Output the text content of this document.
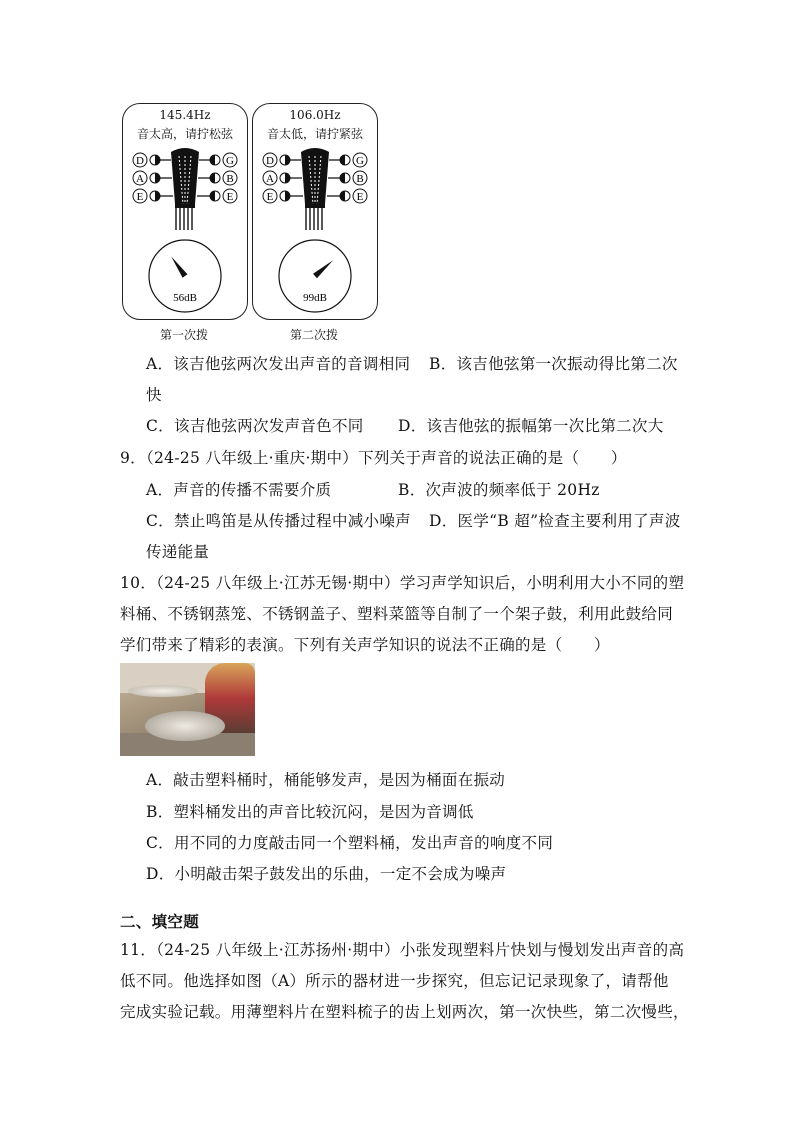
145.4Hz
音太高，请拧松弦
D
A
E
G
B
E
56dB
第一次拨
106.0Hz
音太低，请拧紧弦
D
A
E
G
B
E
99dB
第二次拨
A．该吉他弦两次发出声音的音调相同 B．该吉他弦第一次振动得比第二次
快
C．该吉他弦两次发声音色不同 D．该吉他弦的振幅第一次比第二次大
9．（24-25 八年级上·重庆·期中）下列关于声音的说法正确的是（　　）
A．声音的传播不需要介质	B．次声波的频率低于 20Hz
C．禁止鸣笛是从传播过程中减小噪声 D．医学“B 超”检查主要利用了声波
传递能量
10．（24-25 八年级上·江苏无锡·期中）学习声学知识后，小明利用大小不同的塑
料桶、不锈钢蒸笼、不锈钢盖子、塑料菜篮等自制了一个架子鼓，利用此鼓给同
学们带来了精彩的表演。下列有关声学知识的说法不正确的是（　　）
A．敲击塑料桶时，桶能够发声，是因为桶面在振动
B．塑料桶发出的声音比较沉闷，是因为音调低
C．用不同的力度敲击同一个塑料桶，发出声音的响度不同
D．小明敲击架子鼓发出的乐曲，一定不会成为噪声
二、填空题
11．（24-25 八年级上·江苏扬州·期中）小张发现塑料片快划与慢划发出声音的高
低不同。他选择如图（A）所示的器材进一步探究，但忘记记录现象了，请帮他
完成实验记载。用薄塑料片在塑料梳子的齿上划两次，第一次快些，第二次慢些，
